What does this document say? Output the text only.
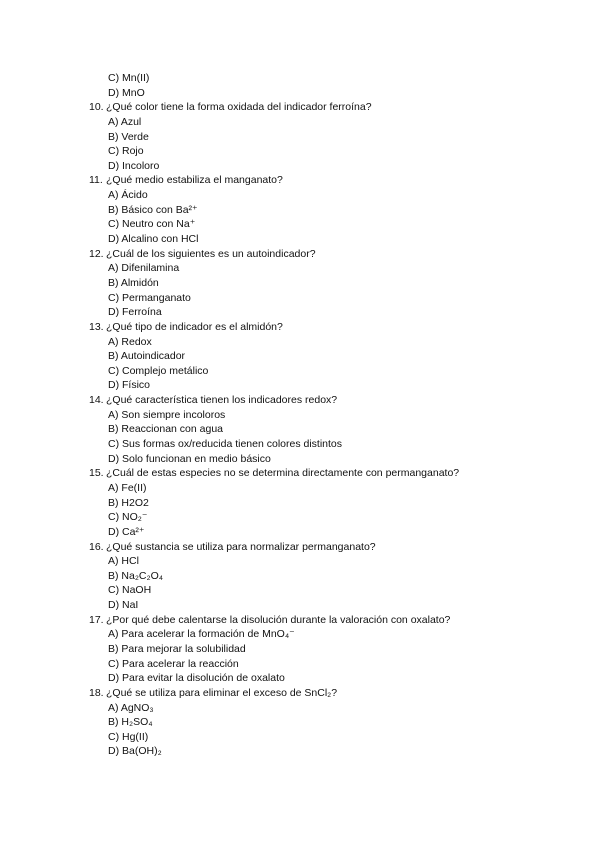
C) Mn(II)
D) MnO
10. ¿Qué color tiene la forma oxidada del indicador ferroína?
A) Azul
B) Verde
C) Rojo
D) Incoloro
11. ¿Qué medio estabiliza el manganato?
A) Ácido
B) Básico con Ba²⁺
C) Neutro con Na⁺
D) Alcalino con HCl
12. ¿Cuál de los siguientes es un autoindicador?
A) Difenilamina
B) Almidón
C) Permanganato
D) Ferroína
13. ¿Qué tipo de indicador es el almidón?
A) Redox
B) Autoindicador
C) Complejo metálico
D) Físico
14. ¿Qué característica tienen los indicadores redox?
A) Son siempre incoloros
B) Reaccionan con agua
C) Sus formas ox/reducida tienen colores distintos
D) Solo funcionan en medio básico
15. ¿Cuál de estas especies no se determina directamente con permanganato?
A) Fe(II)
B) H2O2
C) NO₂⁻
D) Ca²⁺
16. ¿Qué sustancia se utiliza para normalizar permanganato?
A) HCl
B) Na₂C₂O₄
C) NaOH
D) NaI
17. ¿Por qué debe calentarse la disolución durante la valoración con oxalato?
A) Para acelerar la formación de MnO₄⁻
B) Para mejorar la solubilidad
C) Para acelerar la reacción
D) Para evitar la disolución de oxalato
18. ¿Qué se utiliza para eliminar el exceso de SnCl₂?
A) AgNO₃
B) H₂SO₄
C) Hg(II)
D) Ba(OH)₂
